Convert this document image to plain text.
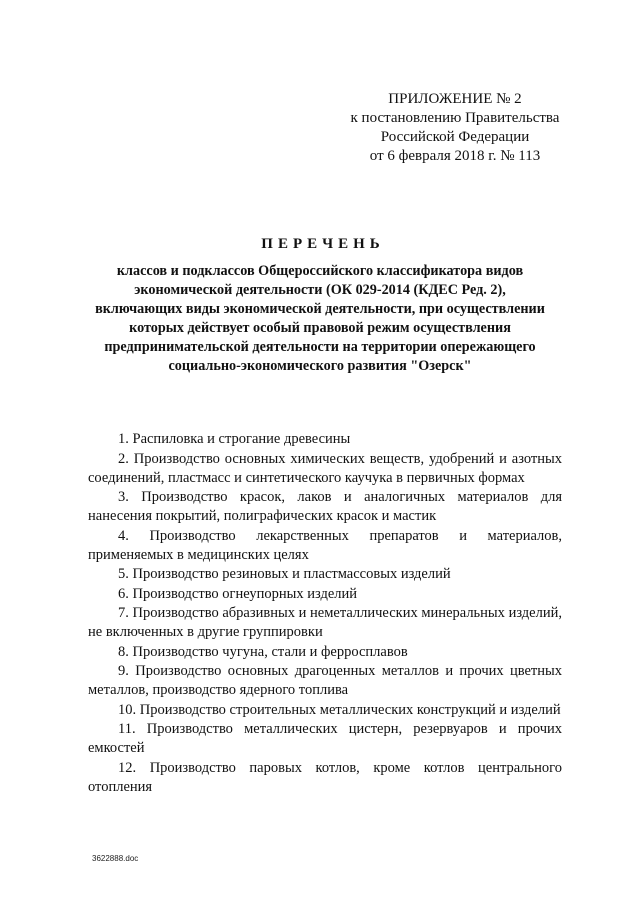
ПРИЛОЖЕНИЕ № 2
к постановлению Правительства
Российской Федерации
от 6 февраля 2018 г. № 113
ПЕРЕЧЕНЬ
классов и подклассов Общероссийского классификатора видов
экономической деятельности (ОК 029-2014 (КДЕС Ред. 2),
включающих виды экономической деятельности, при осуществлении
которых действует особый правовой режим осуществления
предпринимательской деятельности на территории опережающего
социально-экономического развития "Озерск"
1. Распиловка и строгание древесины
2. Производство основных химических веществ, удобрений и азотных соединений, пластмасс и синтетического каучука в первичных формах
3. Производство красок, лаков и аналогичных материалов для нанесения покрытий, полиграфических красок и мастик
4. Производство лекарственных препаратов и материалов, применяемых в медицинских целях
5. Производство резиновых и пластмассовых изделий
6. Производство огнеупорных изделий
7. Производство абразивных и неметаллических минеральных изделий, не включенных в другие группировки
8. Производство чугуна, стали и ферросплавов
9. Производство основных драгоценных металлов и прочих цветных металлов, производство ядерного топлива
10. Производство строительных металлических конструкций и изделий
11. Производство металлических цистерн, резервуаров и прочих емкостей
12. Производство паровых котлов, кроме котлов центрального отопления
3622888.doc
